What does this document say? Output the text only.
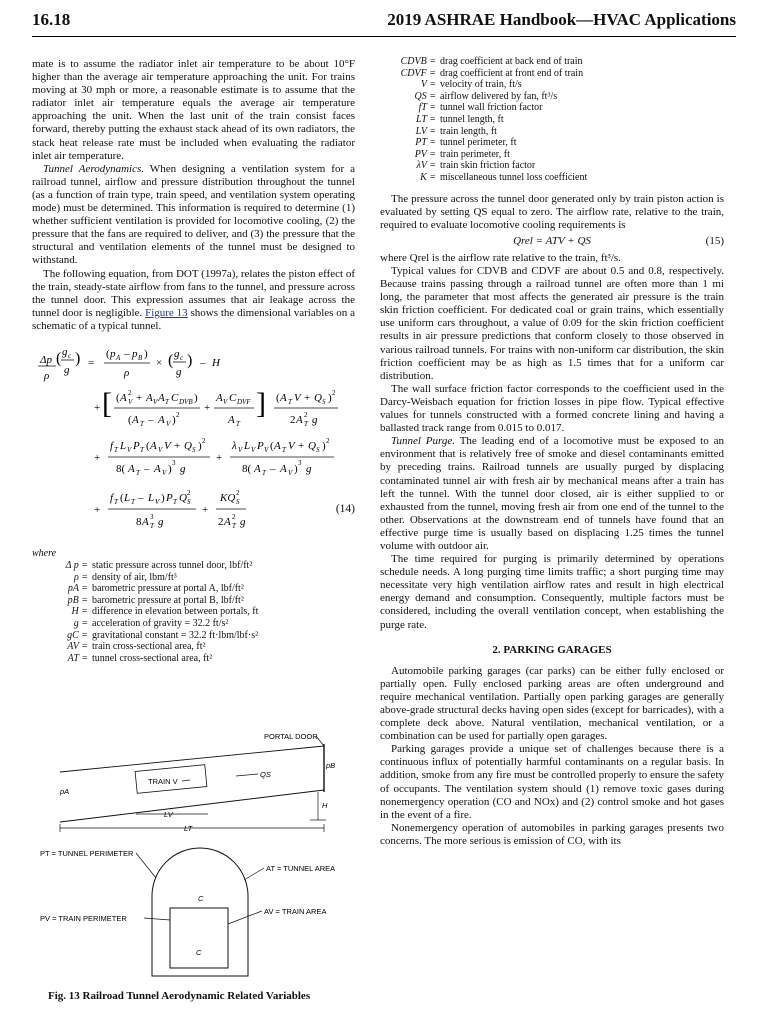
16.18	2019 ASHRAE Handbook—HVAC Applications

mate is to assume the radiator inlet air temperature to be about 10°F higher than the average air temperature approaching the unit. For trains moving at 30 mph or more, a reasonable estimate is to assume that the radiator inlet air temperature equals the average air temperature approaching the unit. When the last unit of the train consist faces forward, thereby putting the exhaust stack ahead of its own radiators, the stack heat release rate must be included when evaluating the radiator inlet air temperature.

Tunnel Aerodynamics. When designing a ventilation system for a railroad tunnel, airflow and pressure distribution throughout the tunnel (as a function of train type, train speed, and ventilation system operating mode) must be determined. This information is required to determine (1) whether sufficient ventilation is provided for locomotive cooling, (2) the pressure that the fans are required to deliver, and (3) the pressure that the structural and ventilation elements of the tunnel must be designed to withstand.

The following equation, from DOT (1997a), relates the piston effect of the train, steady-state airflow from fans to the tunnel, and pressure across the tunnel door. This expression assumes that air leakage across the tunnel door is negligible. Figure 13 shows the dimensional variables on a schematic of a typical tunnel.

Δp ( g c
g
)
ρ
=
( p A – p B )
ρ
× ( g c
g
) – H
+ [ ( A 2
V + A V A T C DVB )
( A T – A V ) 2
+
A V C DVF
A T
] ( A T V + Q S ) 2
2 A 2
T g
+
f T L V P T ( A V V + Q S ) 2
8( A T – A V ) 3 g
+
λ V L V P V ( A T V + Q S ) 2
8( A T – A V ) 3 g
+
f T ( L T – L V ) P T Q 2
S
8 A 3
T g
+
KQ 2
S
2 A 2
T g
(14)
where
Δ p = static pressure across tunnel door, lbf/ft²
ρ = density of air, lbm/ft³
pA = barometric pressure at portal A, lbf/ft²
pB = barometric pressure at portal B, lbf/ft²
H = difference in elevation between portals, ft
g = acceleration of gravity = 32.2 ft/s²
gC = gravitational constant = 32.2 ft·lbm/lbf·s²
AV = train cross-sectional area, ft²
AT = tunnel cross-sectional area, ft²
PORTAL DOOR
pB
pA
TRAIN V
QS
H
LV
LT
C
C
PT = TUNNEL PERIMETER
AT = TUNNEL AREA
PV = TRAIN PERIMETER
AV = TRAIN AREA
Fig. 13 Railroad Tunnel Aerodynamic Related Variables
CDVB = drag coefficient at back end of train
CDVF = drag coefficient at front end of train
V = velocity of train, ft/s
QS = airflow delivered by fan, ft³/s
fT = tunnel wall friction factor
LT = tunnel length, ft
LV = train length, ft
PT = tunnel perimeter, ft
PV = train perimeter, ft
λV = train skin friction factor
K = miscellaneous tunnel loss coefficient

The pressure across the tunnel door generated only by train piston action is evaluated by setting QS equal to zero. The airflow rate, relative to the train, required to evaluate locomotive cooling requirements is

Qrel = ATV + QS	(15)

where Qrel is the airflow rate relative to the train, ft³/s.

Typical values for CDVB and CDVF are about 0.5 and 0.8, respectively. Because trains passing through a railroad tunnel are often more than 1 mi long, the parameter that most affects the generated air pressure is the train skin friction coefficient. For dedicated coal or grain trains, which essentially use uniform cars throughout, a value of 0.09 for the skin friction coefficient results in air pressure predictions that conform closely to those observed in various railroad tunnels. For trains with non-uniform car distribution, the skin friction coefficient may be as high as 1.5 times that for a uniform car distribution.

The wall surface friction factor corresponds to the coefficient used in the Darcy-Weisbach equation for friction losses in pipe flow. Typical effective values for tunnels constructed with a formed concrete lining and having a ballasted track range from 0.015 to 0.017.

Tunnel Purge. The leading end of a locomotive must be exposed to an environment that is relatively free of smoke and diesel contaminants emitted by preceding trains. Railroad tunnels are usually purged by displacing contaminated tunnel air with fresh air by mechanical means after a train has left the tunnel. With the tunnel door closed, air is either supplied to or exhausted from the tunnel, moving fresh air from one end of the tunnel to the other. Observations at the downstream end of tunnels have found that an effective purge time is usually based on displacing 1.25 times the tunnel volume with outdoor air.

The time required for purging is primarily determined by operations schedule needs. A long purging time limits traffic; a short purging time may necessitate very high ventilation airflow rates and result in high electrical energy demand and consumption. Consequently, multiple factors must be considered, including the overall ventilation concept, when establishing the purge rate.

2. PARKING GARAGES

Automobile parking garages (car parks) can be either fully enclosed or partially open. Fully enclosed parking areas are often underground and require mechanical ventilation. Partially open parking garages are generally above-grade structural decks having open sides (except for barricades), with a complete deck above. Natural ventilation, mechanical ventilation, or a combination can be used for partially open garages.

Parking garages provide a unique set of challenges because there is a continuous influx of potentially harmful contaminants on a regular basis. In addition, smoke from any fire must be controlled properly to ensure the safety of occupants. The ventilation system should (1) remove toxic gases during nonemergency operation (CO and NOx) and (2) control smoke and hot gases in the event of a fire.

Nonemergency operation of automobiles in parking garages presents two concerns. The more serious is emission of CO, with its
